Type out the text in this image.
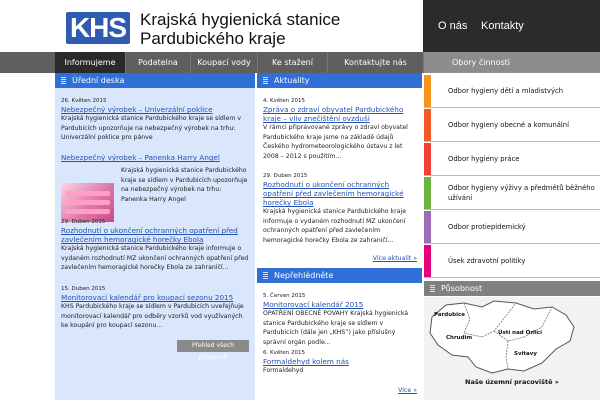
KHS Krajská hygienická stanice Pardubického kraje
O nás Kontakty
Informujeme	Podatelna	Koupací vody	Ke stažení	Kontaktujte nás	Obory činnosti
Úřední deska
26. Květen 2015
Nebezpečný výrobek – Univerzální poklice
Krajská hygienická stanice Pardubického kraje se sídlem v Pardubicích upozorňuje na nebezpečný výrobek na trhu: Univerzální poklice pro pánve
Nebezpečný výrobek – Panenka Harry Angel
Krajská hygienická stanice Pardubického kraje se sídlem v Pardubicích upozorňuje na nebezpečný výrobek na trhu: Panenka Harry Angel
29. Duben 2015
Rozhodnutí o ukončení ochranných opatření před zavlečením hemoragické horečky Ebola
Krajská hygienická stanice Pardubického kraje informuje o vydaném rozhodnutí MZ ukončení ochranných opatření před zavlečením hemoragické horečky Ebola ze zahraničí...
15. Duben 2015
Monitorovací kalendář pro koupací sezonu 2015
KHS Pardubického kraje se sídlem v Pardubicích uveřejňuje monitorovací kalendář pro odběry vzorků vod využívaných ke koupání pro koupací sezonu...
Přehled všech příspěvků
Aktuality
4. Květen 2015
Zpráva o zdraví obyvatel Pardubického kraje – vliv znečištění ovzduší
V rámci připravované zprávy o zdraví obyvatel Pardubického kraje jsme na základě údajů Českého hydrometeorologického ústavu z let 2008 – 2012 s použitím...
29. Duben 2015
Rozhodnutí o ukončení ochranných opatření před zavlečením hemoragické horečky Ebola
Krajská hygienická stanice Pardubického kraje informuje o vydaném rozhodnutí MZ ukončení ochranných opatření před zavlečením hemoragické horečky Ebola ze zahraničí...
Více aktualit »
Nepřehlédněte
5. Červen 2015
Monitorovací kalendář 2015
OPATŘENÍ OBECNÉ POVAHY Krajská hygienická stanice Pardubického kraje se sídlem v Pardubicích (dále jen „KHS“) jako příslušný správní orgán podle...
6. Květen 2015
Formaldehyd kolem nás
Formaldehyd
Více »
Odbor hygieny dětí a mladistvých
Odbor hygieny obecné a komunální
Odbor hygieny práce
Odbor hygieny výživy a předmětů běžného užívání
Odbor protiepidemický
Úsek zdravotní politiky
Působnost
Pardubice
Chrudim
Ústí nad Orlicí
Svitavy
Naše územní pracoviště »
